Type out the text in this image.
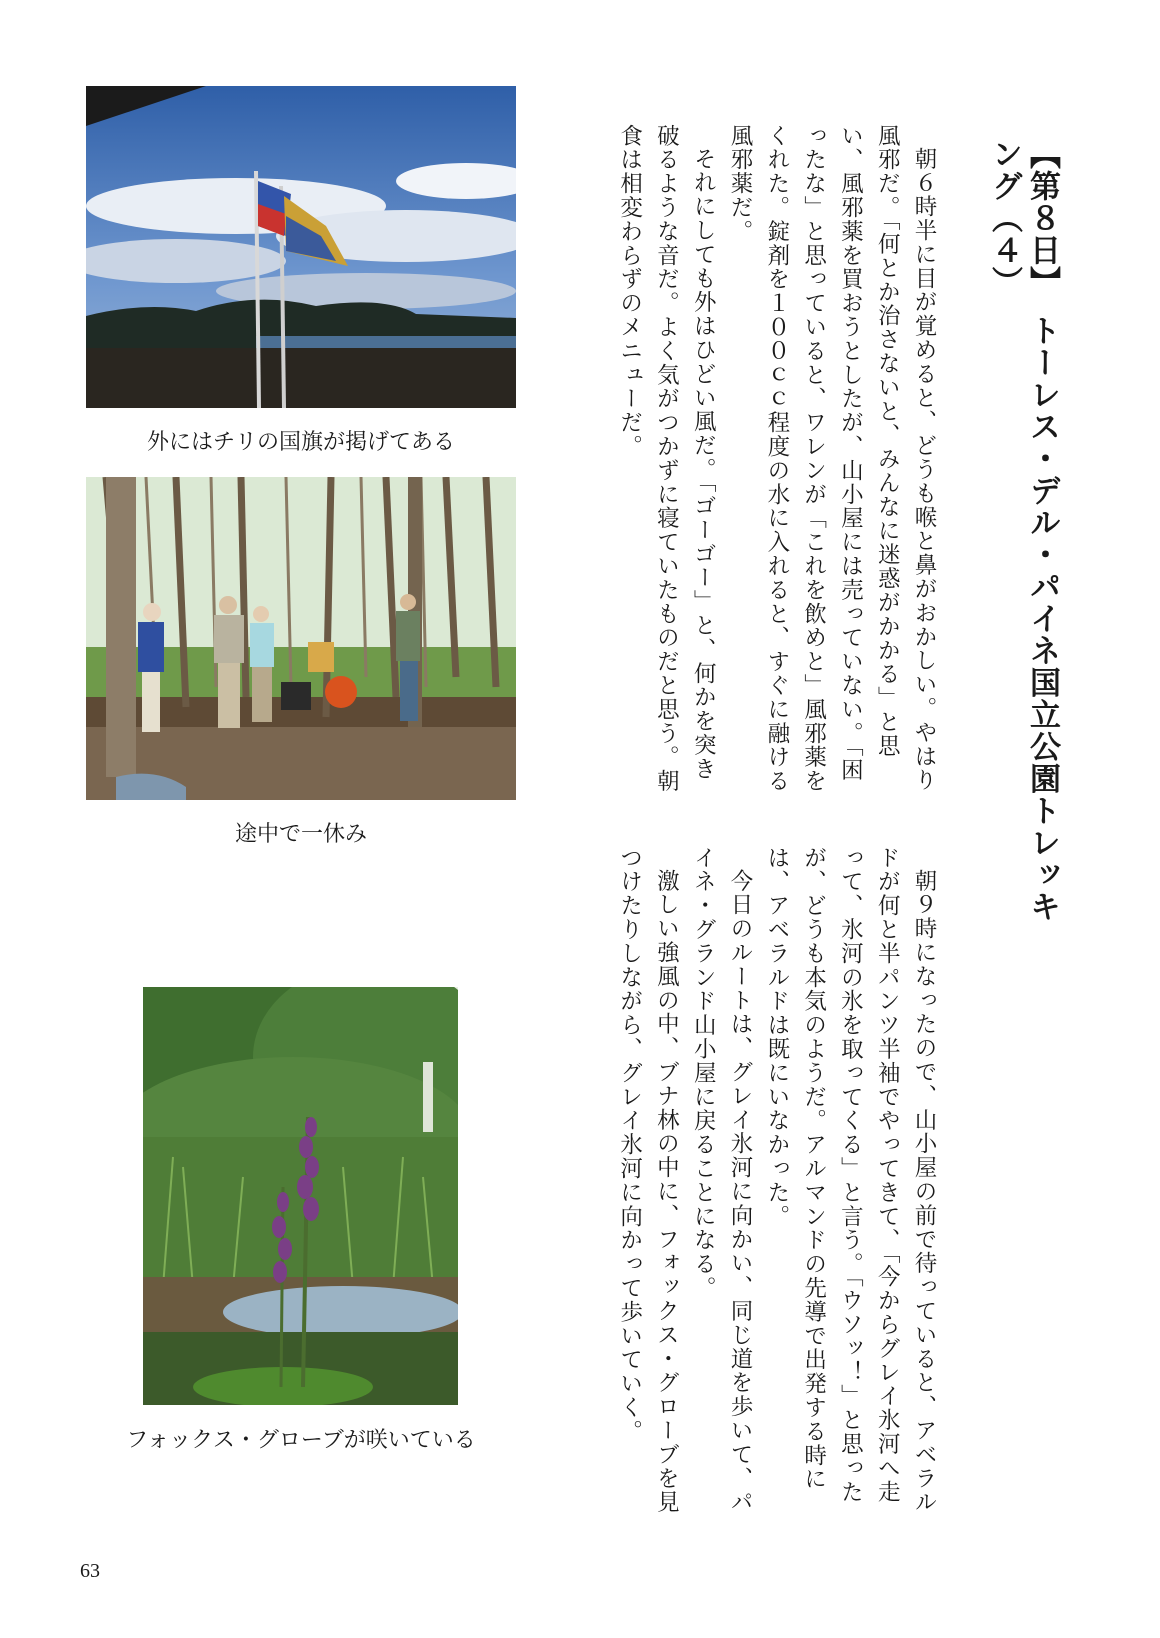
【第８日】　トーレス・デル・パイネ国立公園トレッキング（４）

朝６時半に目が覚めると、どうも喉と鼻がおかしい。やはり風邪だ。「何とか治さないと、みんなに迷惑がかかる」と思い、風邪薬を買おうとしたが、山小屋には売っていない。「困ったな」と思っていると、ワレンが「これを飲めと」風邪薬をくれた。錠剤を１００ｃｃ程度の水に入れると、すぐに融ける風邪薬だ。

それにしても外はひどい風だ。「ゴーゴー」と、何かを突き破るような音だ。よく気がつかずに寝ていたものだと思う。朝食は相変わらずのメニューだ。

朝９時になったので、山小屋の前で待っていると、アベラルドが何と半パンツ半袖でやってきて、「今からグレイ氷河へ走って、氷河の氷を取ってくる」と言う。「ウソッ！」と思ったが、どうも本気のようだ。アルマンドの先導で出発する時には、アベラルドは既にいなかった。

今日のルートは、グレイ氷河に向かい、同じ道を歩いて、パイネ・グランド山小屋に戻ることになる。

激しい強風の中、ブナ林の中に、フォックス・グローブを見つけたりしながら、グレイ氷河に向かって歩いていく。

外にはチリの国旗が掲げてある

途中で一休み

フォックス・グローブが咲いている

63
